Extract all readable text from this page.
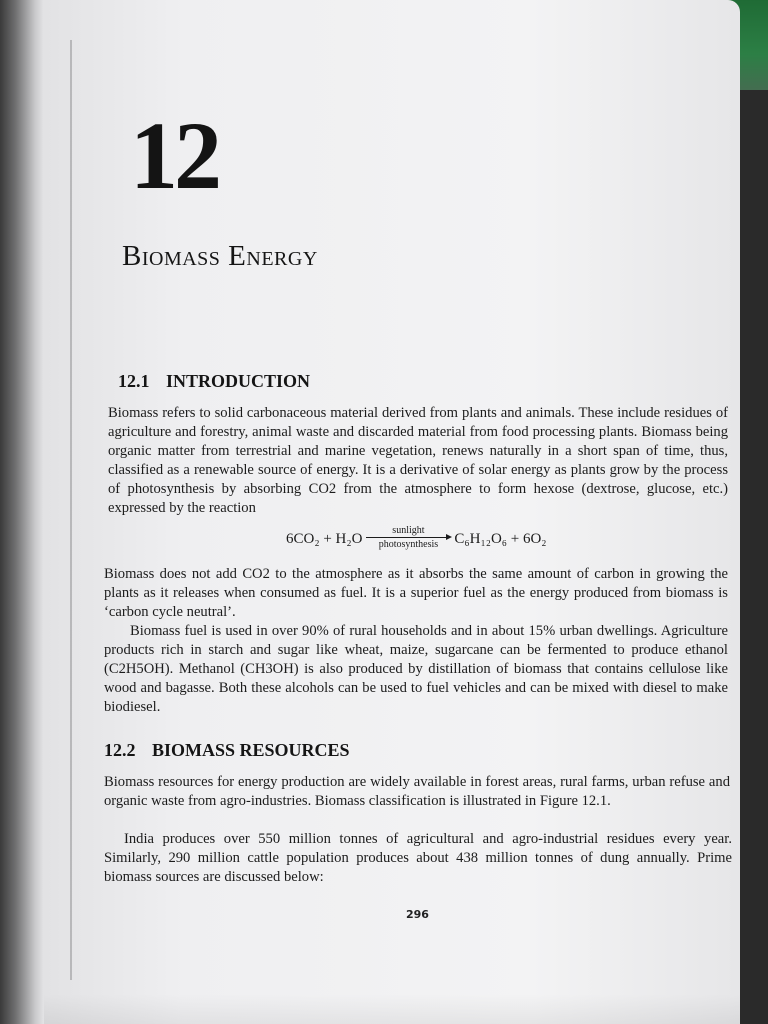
12
Biomass Energy
12.1 INTRODUCTION

Biomass refers to solid carbonaceous material derived from plants and animals. These include residues of agriculture and forestry, animal waste and discarded material from food processing plants. Biomass being organic matter from terrestrial and marine vegetation, renews naturally in a short span of time, thus, classified as a renewable source of energy. It is a derivative of solar energy as plants grow by the process of photosynthesis by absorbing CO2 from the atmosphere to form hexose (dextrose, glucose, etc.) expressed by the reaction

6CO₂ + H₂O
sunlight
photosynthesis C₆H₁₂O₆ + 6O₂

Biomass does not add CO2 to the atmosphere as it absorbs the same amount of carbon in growing the plants as it releases when consumed as fuel. It is a superior fuel as the energy produced from biomass is ‘carbon cycle neutral’.

Biomass fuel is used in over 90% of rural households and in about 15% urban dwellings. Agriculture products rich in starch and sugar like wheat, maize, sugarcane can be fermented to produce ethanol (C2H5OH). Methanol (CH3OH) is also produced by distillation of biomass that contains cellulose like wood and bagasse. Both these alcohols can be used to fuel vehicles and can be mixed with diesel to make biodiesel.

12.2 BIOMASS RESOURCES

Biomass resources for energy production are widely available in forest areas, rural farms, urban refuse and organic waste from agro-industries. Biomass classification is illustrated in Figure 12.1.

India produces over 550 million tonnes of agricultural and agro-industrial residues every year. Similarly, 290 million cattle population produces about 438 million tonnes of dung annually. Prime biomass sources are discussed below:

296
